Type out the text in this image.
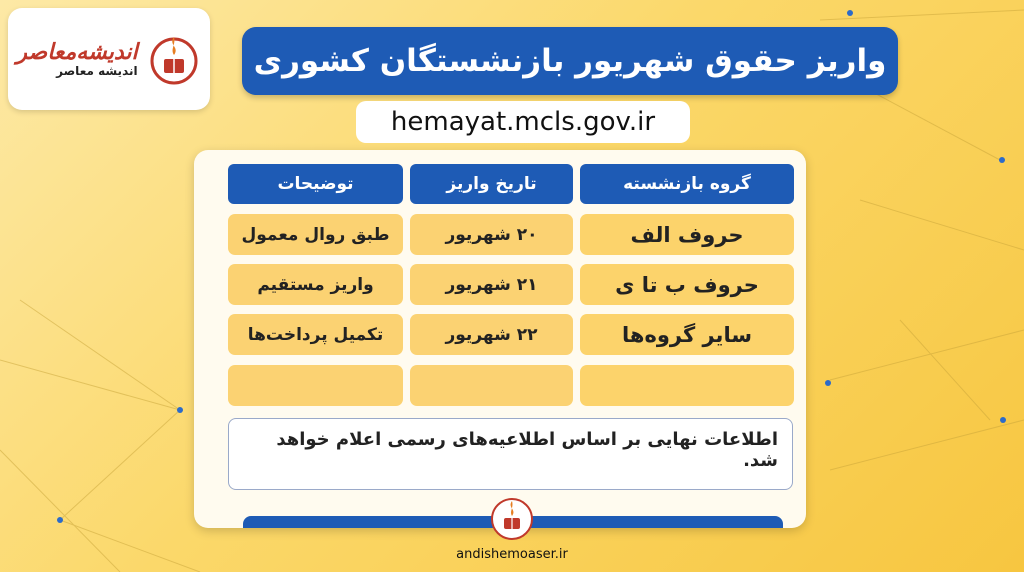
اندیشه‌معاصر
اندیشه معاصر	واریز حقوق شهریور بازنشستگان کشوری
hemayat.mcls.gov.ir
گروه بازنشسته
تاریخ واریز
توضیحات
حروف الف
۲۰ شهریور
طبق روال معمول
حروف ب تا ی
۲۱ شهریور
واریز مستقیم
سایر گروه‌ها
۲۲ شهریور
تکمیل پرداخت‌ها
اطلاعات نهایی بر اساس اطلاعیه‌های رسمی اعلام خواهد شد.
andishemoaser.ir
